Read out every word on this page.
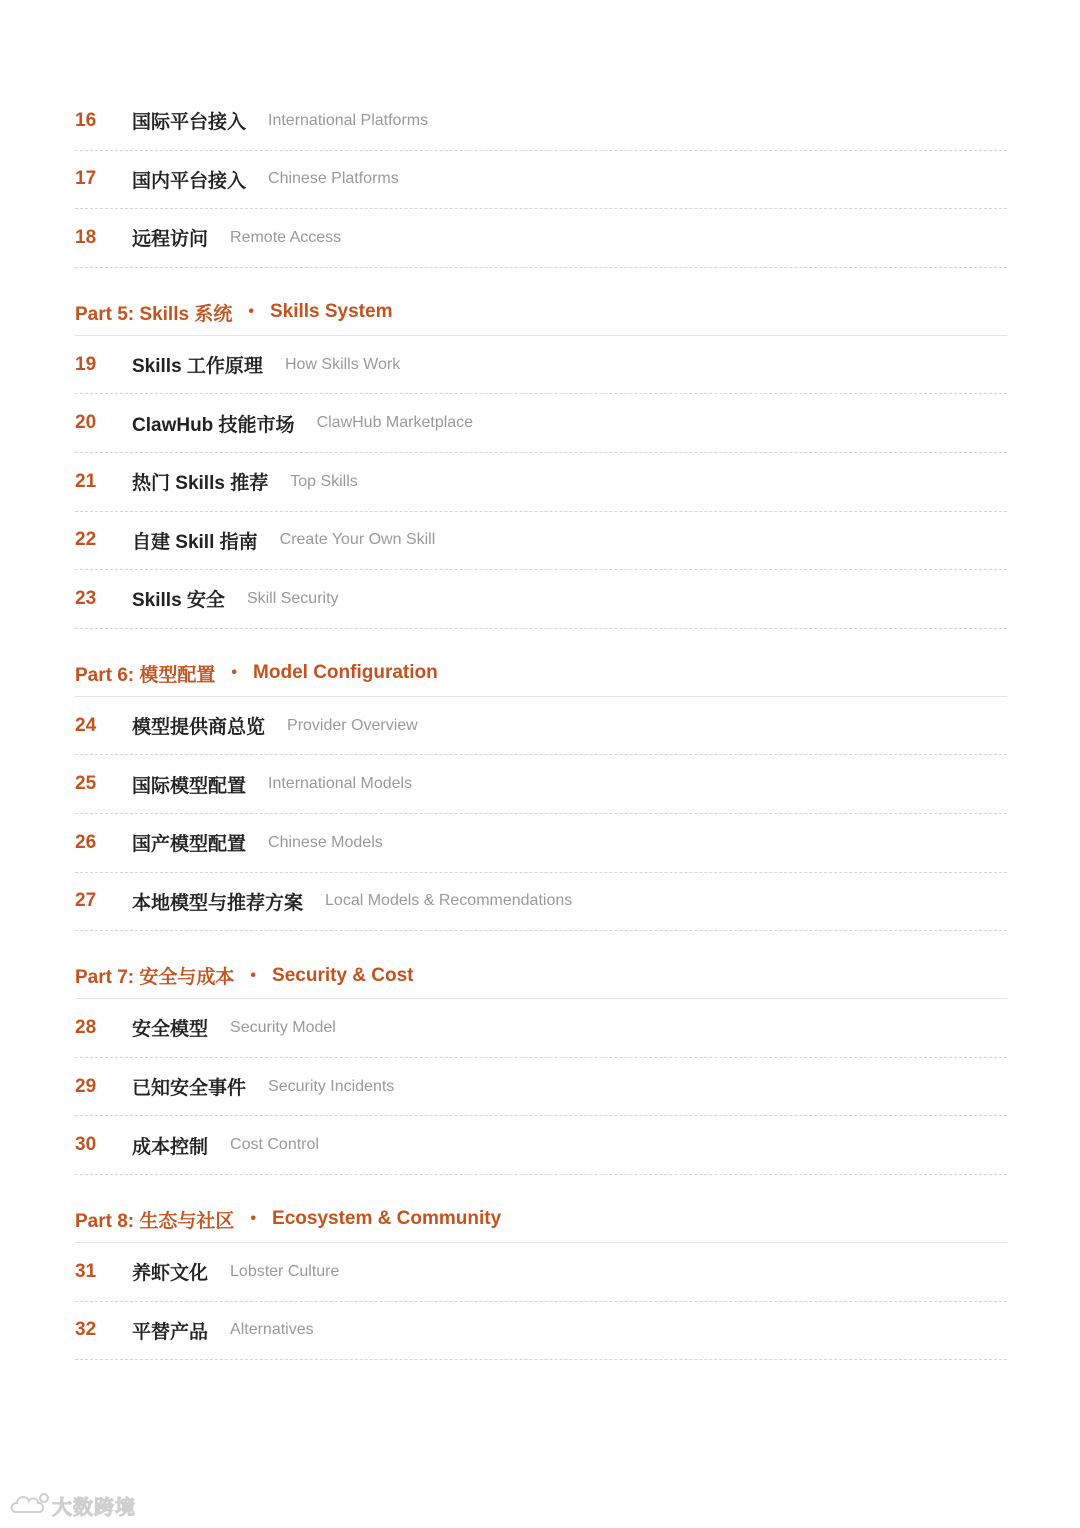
16	国际平台接入 International Platforms
17	国内平台接入 Chinese Platforms
18	远程访问 Remote Access
Part 5: Skills 系统 • Skills System
19	Skills 工作原理 How Skills Work
20	ClawHub 技能市场 ClawHub Marketplace
21	热门 Skills 推荐 Top Skills
22	自建 Skill 指南 Create Your Own Skill
23	Skills 安全 Skill Security
Part 6: 模型配置 • Model Configuration
24	模型提供商总览 Provider Overview
25	国际模型配置 International Models
26	国产模型配置 Chinese Models
27	本地模型与推荐方案 Local Models & Recommendations
Part 7: 安全与成本 • Security & Cost
28	安全模型 Security Model
29	已知安全事件 Security Incidents
30	成本控制 Cost Control
Part 8: 生态与社区 • Ecosystem & Community
31	养虾文化 Lobster Culture
32	平替产品 Alternatives
大数跨境
